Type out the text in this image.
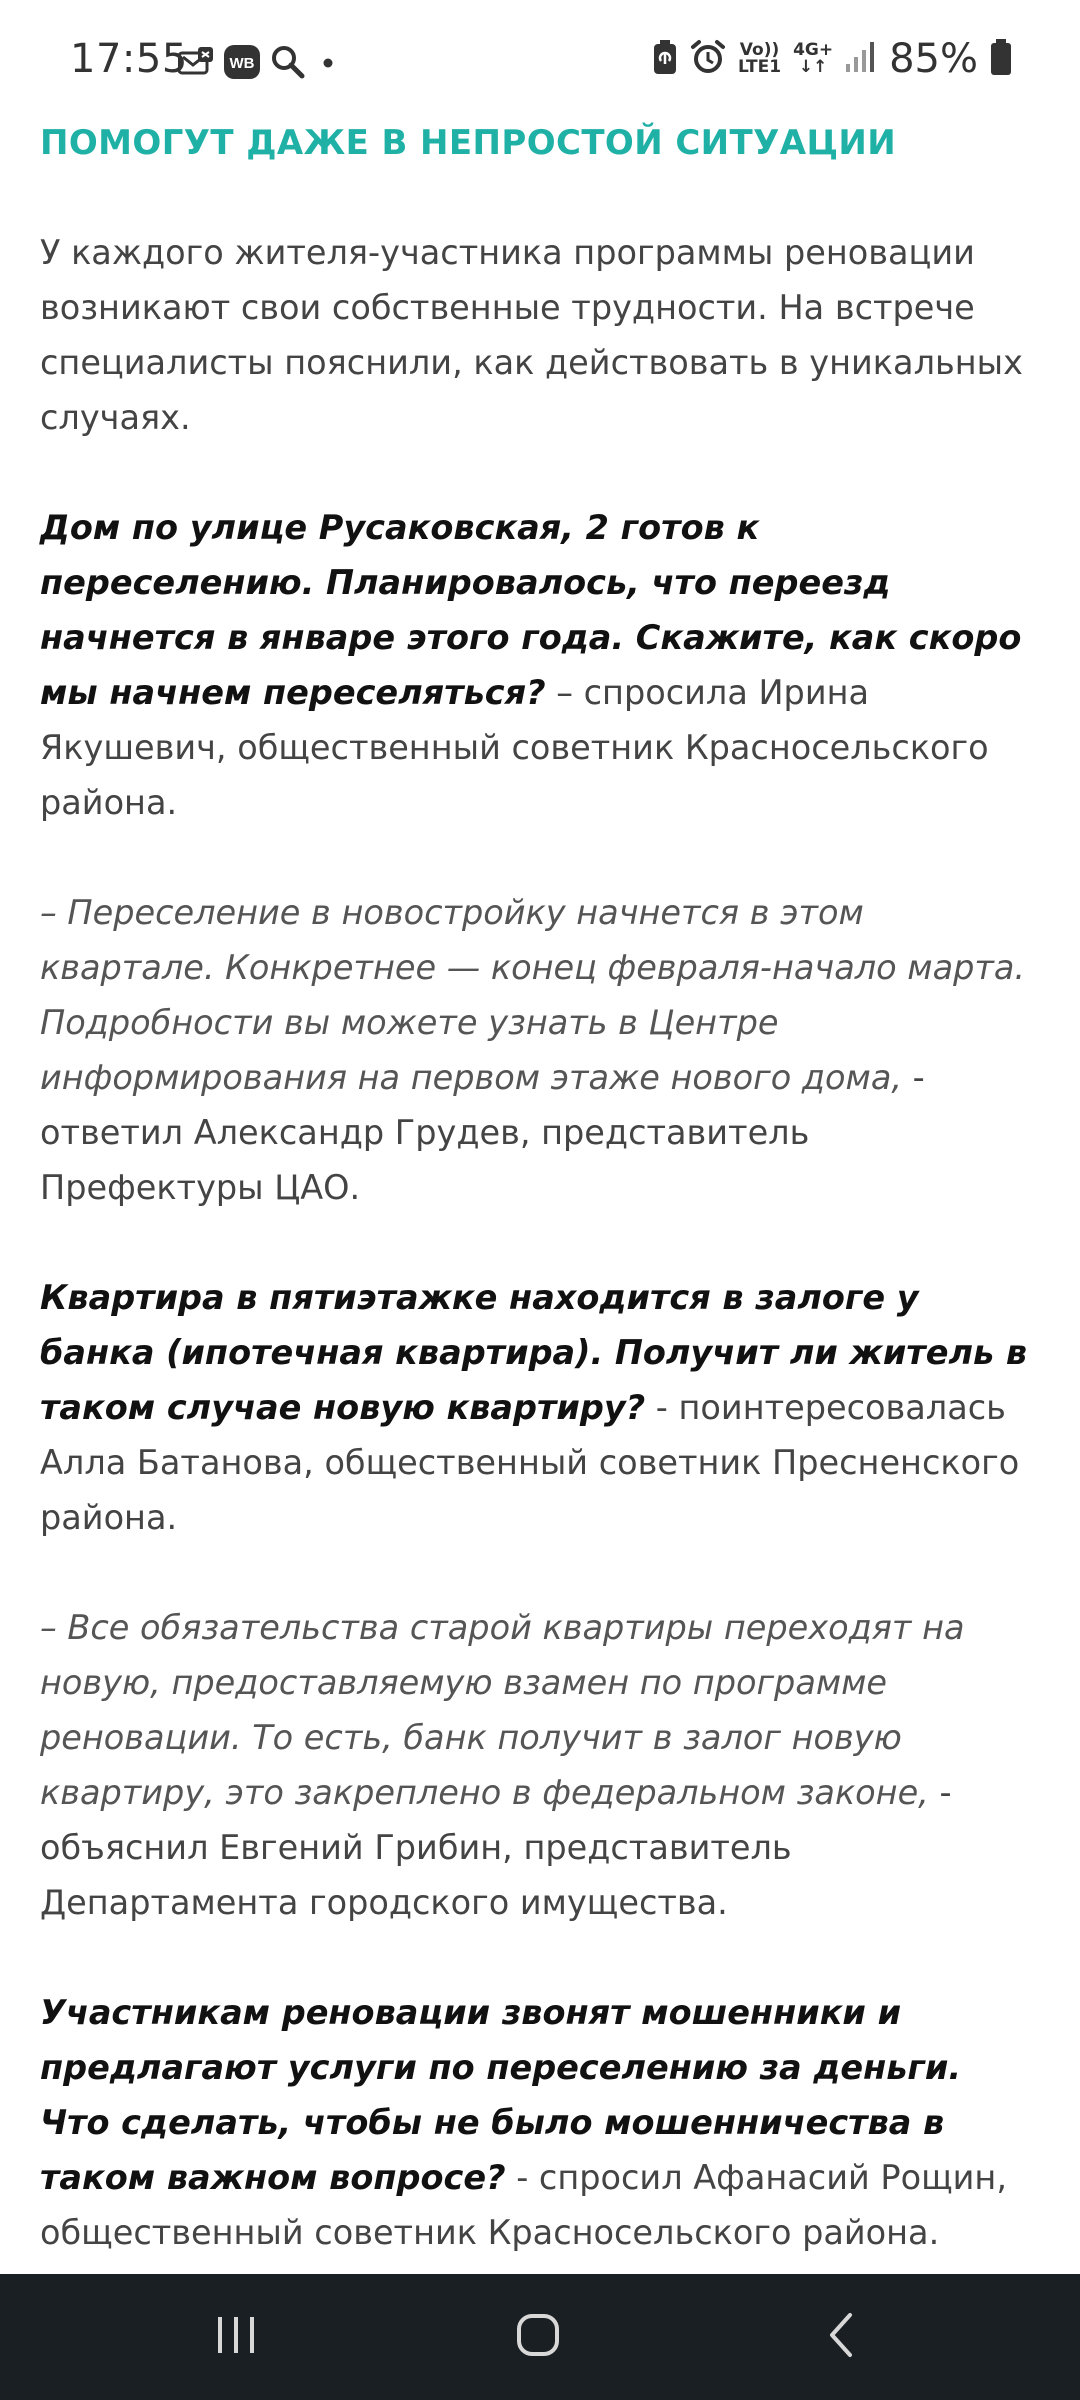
17:55	WB
Vo))
LTE1
4G+
↓↑ 85%
ПОМОГУТ ДАЖЕ В НЕПРОСТОЙ СИТУАЦИИ

У каждого жителя-участника программы реновации возникают свои собственные трудности. На встрече специалисты пояснили, как действовать в уникальных случаях.

Дом по улице Русаковская, 2 готов к переселению. Планировалось, что переезд начнется в январе этого года. Скажите, как скоро мы начнем переселяться? – спросила Ирина Якушевич, общественный советник Красносельского района.

– Переселение в новостройку начнется в этом квартале. Конкретнее — конец февраля-начало марта. Подробности вы можете узнать в Центре информирования на первом этаже нового дома, - ответил Александр Грудев, представитель Префектуры ЦАО.

Квартира в пятиэтажке находится в залоге у банка (ипотечная квартира). Получит ли житель в таком случае новую квартиру? - поинтересовалась Алла Батанова, общественный советник Пресненского района.

– Все обязательства старой квартиры переходят на новую, предоставляемую взамен по программе реновации. То есть, банк получит в залог новую квартиру, это закреплено в федеральном законе, - объяснил Евгений Грибин, представитель Департамента городского имущества.

Участникам реновации звонят мошенники и предлагают услуги по переселению за деньги. Что сделать, чтобы не было мошенничества в таком важном вопросе? - спросил Афанасий Рощин, общественный советник Красносельского района.
